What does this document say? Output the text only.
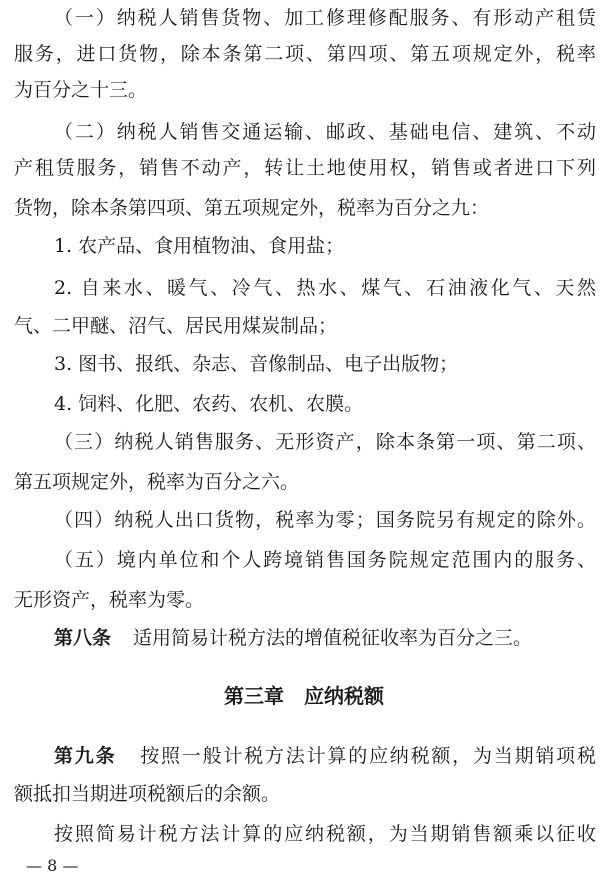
（一）纳税人销售货物、加工修理修配服务、有形动产租赁
服务，进口货物，除本条第二项、第四项、第五项规定外，税率
为百分之十三。
（二）纳税人销售交通运输、邮政、基础电信、建筑、不动
产租赁服务，销售不动产，转让土地使用权，销售或者进口下列
货物，除本条第四项、第五项规定外，税率为百分之九：
1. 农产品、食用植物油、食用盐；
2. 自来水、暖气、冷气、热水、煤气、石油液化气、天然
气、二甲醚、沼气、居民用煤炭制品；
3. 图书、报纸、杂志、音像制品、电子出版物；
4. 饲料、化肥、农药、农机、农膜。
（三）纳税人销售服务、无形资产，除本条第一项、第二项、
第五项规定外，税率为百分之六。
（四）纳税人出口货物，税率为零；国务院另有规定的除外。
（五）境内单位和个人跨境销售国务院规定范围内的服务、
无形资产，税率为零。
第八条 适用简易计税方法的增值税征收率为百分之三。
第三章　应纳税额
第九条 按照一般计税方法计算的应纳税额，为当期销项税
额抵扣当期进项税额后的余额。
按照简易计税方法计算的应纳税额，为当期销售额乘以征收
— 8 —
